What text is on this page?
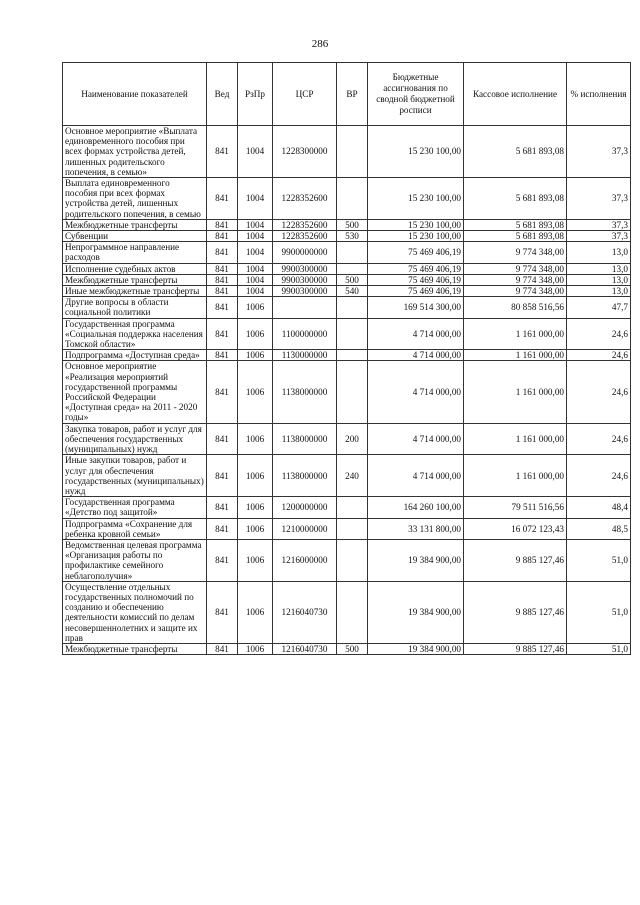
286
Наименование показателей	Вед	РзПр	ЦСР	ВР	Бюджетные ассигнования по сводной бюджетной росписи	Кассовое исполнение	% исполнения
Основное мероприятие «Выплата единовременного пособия при всех формах устройства детей, лишенных родительского попечения, в семью»	841	1004	1228300000		15 230 100,00	5 681 893,08	37,3
Выплата единовременного пособия при всех формах устройства детей, лишенных родительского попечения, в семью	841	1004	1228352600		15 230 100,00	5 681 893,08	37,3
Межбюджетные трансферты	841	1004	1228352600	500	15 230 100,00	5 681 893,08	37,3
Субвенции	841	1004	1228352600	530	15 230 100,00	5 681 893,08	37,3
Непрограммное направление расходов	841	1004	9900000000		75 469 406,19	9 774 348,00	13,0
Исполнение судебных актов	841	1004	9900300000		75 469 406,19	9 774 348,00	13,0
Межбюджетные трансферты	841	1004	9900300000	500	75 469 406,19	9 774 348,00	13,0
Иные межбюджетные трансферты	841	1004	9900300000	540	75 469 406,19	9 774 348,00	13,0
Другие вопросы в области социальной политики	841	1006			169 514 300,00	80 858 516,56	47,7
Государственная программа «Социальная поддержка населения Томской области»	841	1006	1100000000		4 714 000,00	1 161 000,00	24,6
Подпрограмма «Доступная среда»	841	1006	1130000000		4 714 000,00	1 161 000,00	24,6
Основное мероприятие «Реализация мероприятий государственной программы Российской Федерации «Доступная среда» на 2011 - 2020 годы»	841	1006	1138000000		4 714 000,00	1 161 000,00	24,6
Закупка товаров, работ и услуг для обеспечения государственных (муниципальных) нужд	841	1006	1138000000	200	4 714 000,00	1 161 000,00	24,6
Иные закупки товаров, работ и услуг для обеспечения государственных (муниципальных) нужд	841	1006	1138000000	240	4 714 000,00	1 161 000,00	24,6
Государственная программа «Детство под защитой»	841	1006	1200000000		164 260 100,00	79 511 516,56	48,4
Подпрограмма «Сохранение для ребенка кровной семьи»	841	1006	1210000000		33 131 800,00	16 072 123,43	48,5
Ведомственная целевая программа «Организация работы по профилактике семейного неблагополучия»	841	1006	1216000000		19 384 900,00	9 885 127,46	51,0
Осуществление отдельных государственных полномочий по созданию и обеспечению деятельности комиссий по делам несовершеннолетних и защите их прав	841	1006	1216040730		19 384 900,00	9 885 127,46	51,0
Межбюджетные трансферты	841	1006	1216040730	500	19 384 900,00	9 885 127,46	51,0
